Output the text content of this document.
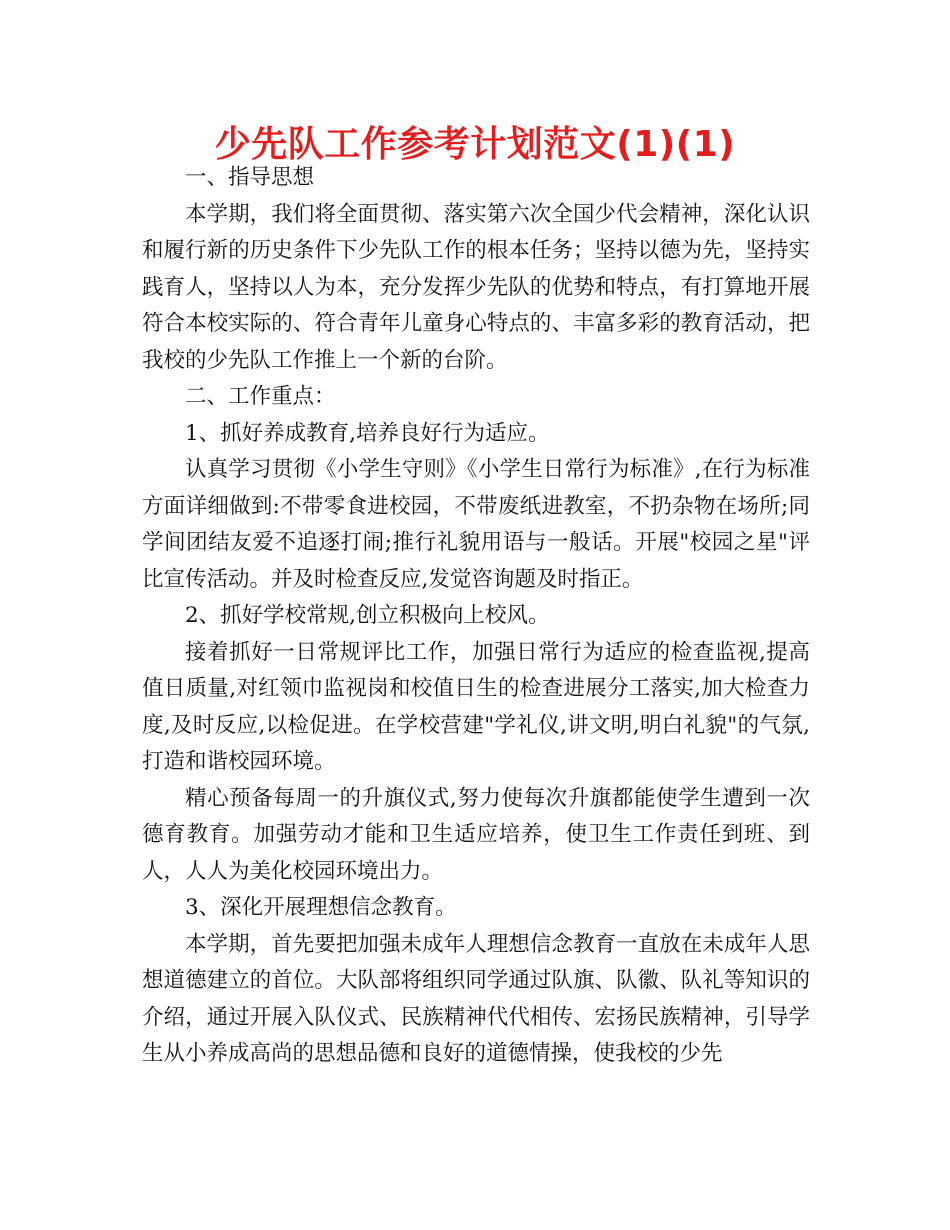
少先队工作参考计划范文(1)(1)

一、指导思想

本学期，我们将全面贯彻、落实第六次全国少代会精神，深化认识和履行新的历史条件下少先队工作的根本任务；坚持以德为先，坚持实践育人，坚持以人为本，充分发挥少先队的优势和特点，有打算地开展符合本校实际的、符合青年儿童身心特点的、丰富多彩的教育活动，把我校的少先队工作推上一个新的台阶。

二、工作重点：

1、抓好养成教育,培养良好行为适应。

认真学习贯彻《小学生守则》《小学生日常行为标准》,在行为标准方面详细做到:不带零食进校园，不带废纸进教室，不扔杂物在场所;同学间团结友爱不追逐打闹;推行礼貌用语与一般话。开展"校园之星"评比宣传活动。并及时检查反应,发觉咨询题及时指正。

2、抓好学校常规,创立积极向上校风。

接着抓好一日常规评比工作，加强日常行为适应的检查监视,提高值日质量,对红领巾监视岗和校值日生的检查进展分工落实,加大检查力度,及时反应,以检促进。在学校营建"学礼仪,讲文明,明白礼貌"的气氛,打造和谐校园环境。

精心预备每周一的升旗仪式,努力使每次升旗都能使学生遭到一次德育教育。加强劳动才能和卫生适应培养，使卫生工作责任到班、到人，人人为美化校园环境出力。

3、深化开展理想信念教育。

本学期，首先要把加强未成年人理想信念教育一直放在未成年人思想道德建立的首位。大队部将组织同学通过队旗、队徽、队礼等知识的介绍，通过开展入队仪式、民族精神代代相传、宏扬民族精神，引导学生从小养成高尚的思想品德和良好的道德情操，使我校的少先
